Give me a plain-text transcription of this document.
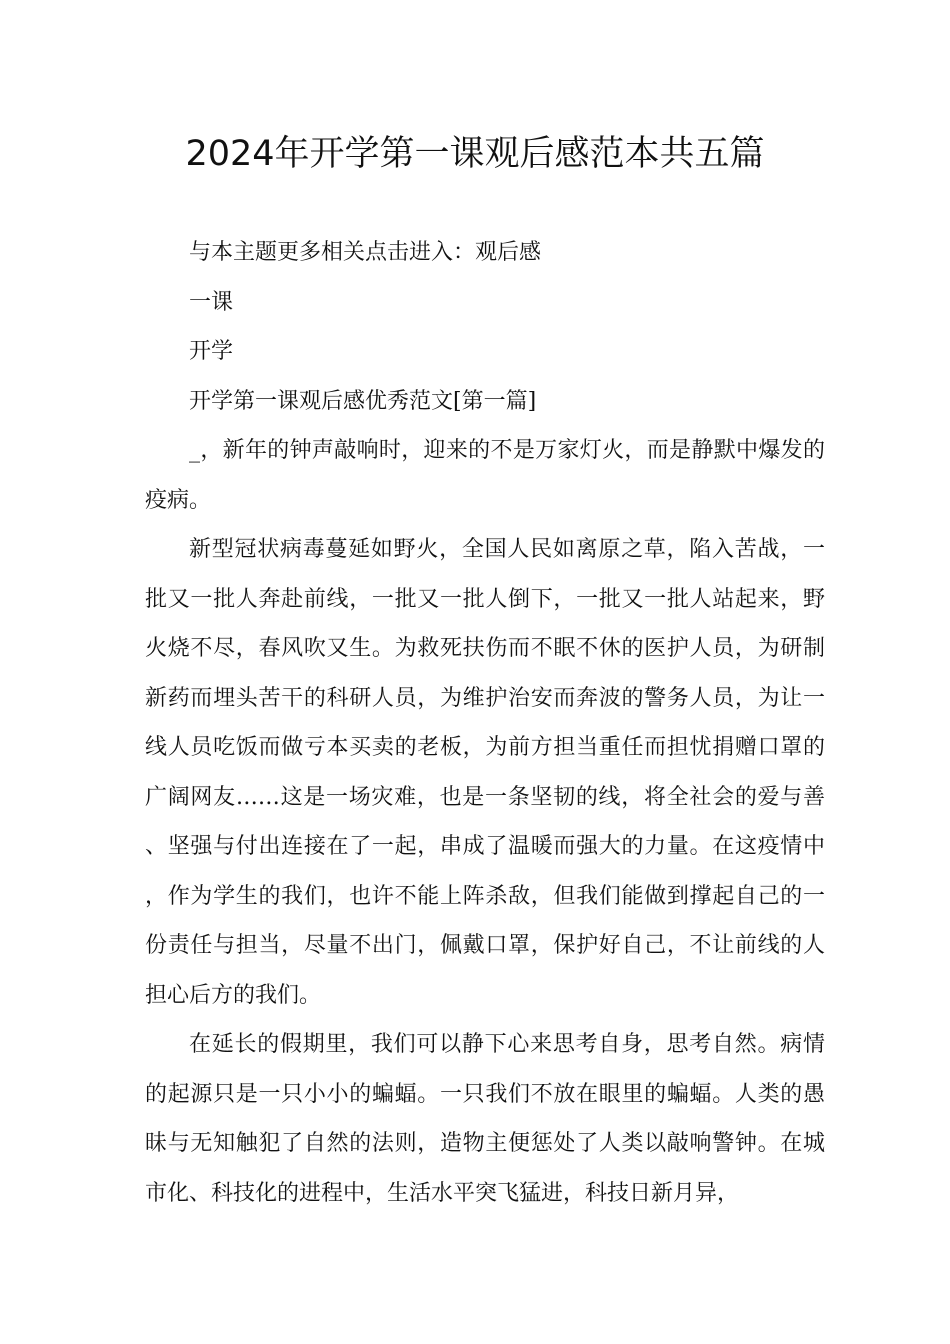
2024年开学第一课观后感范本共五篇

与本主题更多相关点击进入：观后感

一课

开学

开学第一课观后感优秀范文[第一篇]

_，新年的钟声敲响时，迎来的不是万家灯火，而是静默中爆发的疫病。

新型冠状病毒蔓延如野火，全国人民如离原之草，陷入苦战，一批又一批人奔赴前线，一批又一批人倒下，一批又一批人站起来，野火烧不尽，春风吹又生。为救死扶伤而不眠不休的医护人员，为研制新药而埋头苦干的科研人员，为维护治安而奔波的警务人员，为让一线人员吃饭而做亏本买卖的老板，为前方担当重任而担忧捐赠口罩的广阔网友……这是一场灾难，也是一条坚韧的线，将全社会的爱与善、坚强与付出连接在了一起，串成了温暖而强大的力量。在这疫情中，作为学生的我们，也许不能上阵杀敌，但我们能做到撑起自己的一份责任与担当，尽量不出门，佩戴口罩，保护好自己，不让前线的人担心后方的我们。

在延长的假期里，我们可以静下心来思考自身，思考自然。病情的起源只是一只小小的蝙蝠。一只我们不放在眼里的蝙蝠。人类的愚昧与无知触犯了自然的法则，造物主便惩处了人类以敲响警钟。在城市化、科技化的进程中，生活水平突飞猛进，科技日新月异，
